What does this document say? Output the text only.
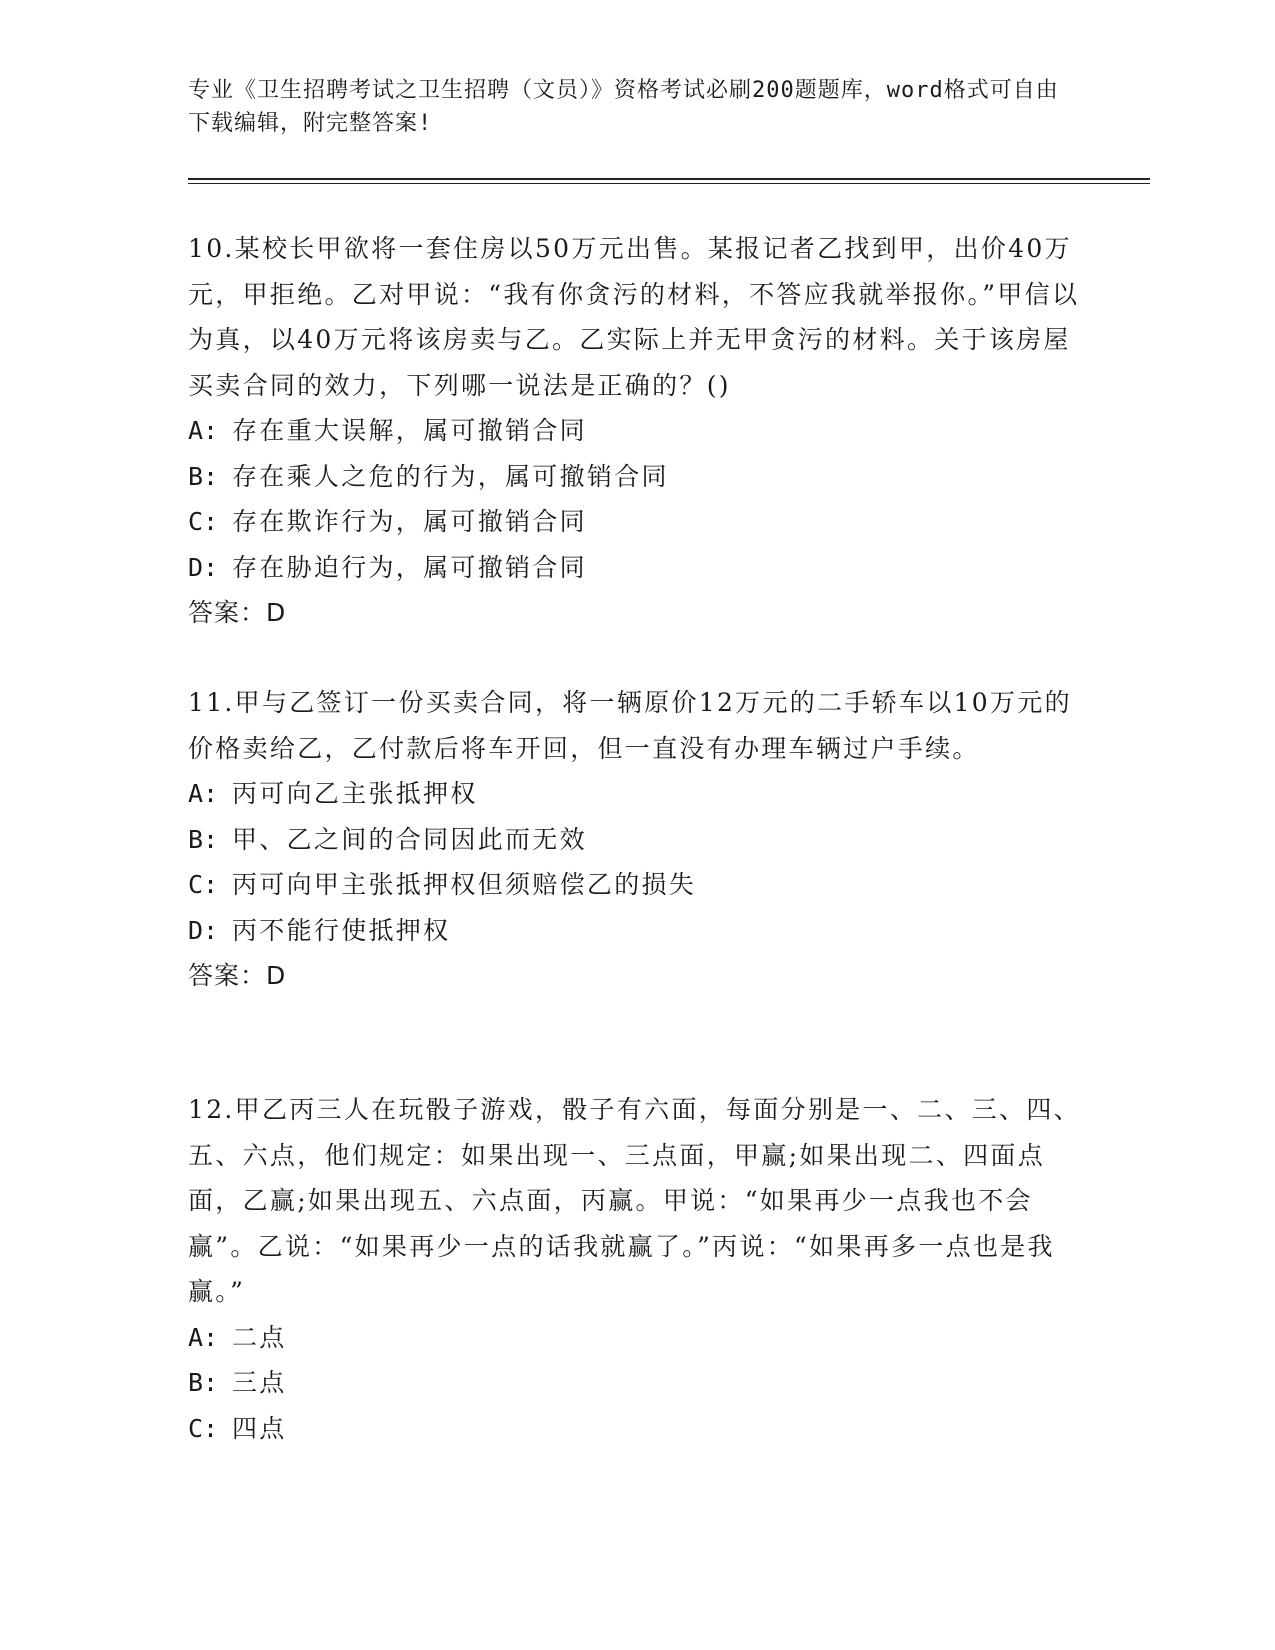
专业《卫生招聘考试之卫生招聘（文员）》资格考试必刷200题题库，word格式可自由下载编辑，附完整答案!

10.某校长甲欲将一套住房以50万元出售。某报记者乙找到甲，出价40万元，甲拒绝。乙对甲说：“我有你贪污的材料，不答应我就举报你。”甲信以为真，以40万元将该房卖与乙。乙实际上并无甲贪污的材料。关于该房屋买卖合同的效力，下列哪一说法是正确的？()

A: 存在重大误解，属可撤销合同
B: 存在乘人之危的行为，属可撤销合同
C: 存在欺诈行为，属可撤销合同
D: 存在胁迫行为，属可撤销合同
答案：D

11.甲与乙签订一份买卖合同，将一辆原价12万元的二手轿车以10万元的价格卖给乙，乙付款后将车开回，但一直没有办理车辆过户手续。

A: 丙可向乙主张抵押权
B: 甲、乙之间的合同因此而无效
C: 丙可向甲主张抵押权但须赔偿乙的损失
D: 丙不能行使抵押权
答案：D

12.甲乙丙三人在玩骰子游戏，骰子有六面，每面分别是一、二、三、四、五、六点，他们规定：如果出现一、三点面，甲赢;如果出现二、四面点面，乙赢;如果出现五、六点面，丙赢。甲说：“如果再少一点我也不会赢”。乙说：“如果再少一点的话我就赢了。”丙说：“如果再多一点也是我赢。”

A: 二点
B: 三点
C: 四点
